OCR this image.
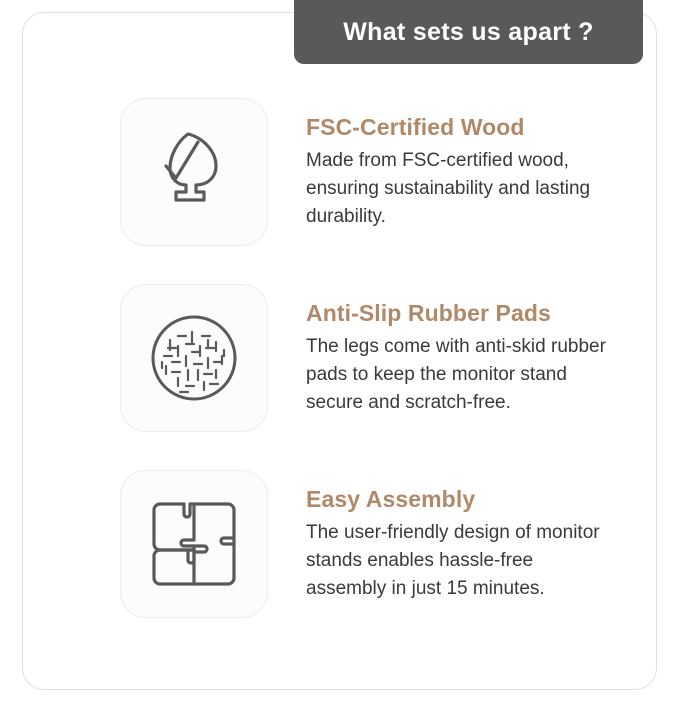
What sets us apart ?
FSC-Certified Wood
Made from FSC-certified wood, ensuring sustainability and lasting durability.
Anti-Slip Rubber Pads
The legs come with anti-skid rubber pads to keep the monitor stand secure and scratch-free.
Easy Assembly
The user-friendly design of monitor stands enables hassle-free assembly in just 15 minutes.
